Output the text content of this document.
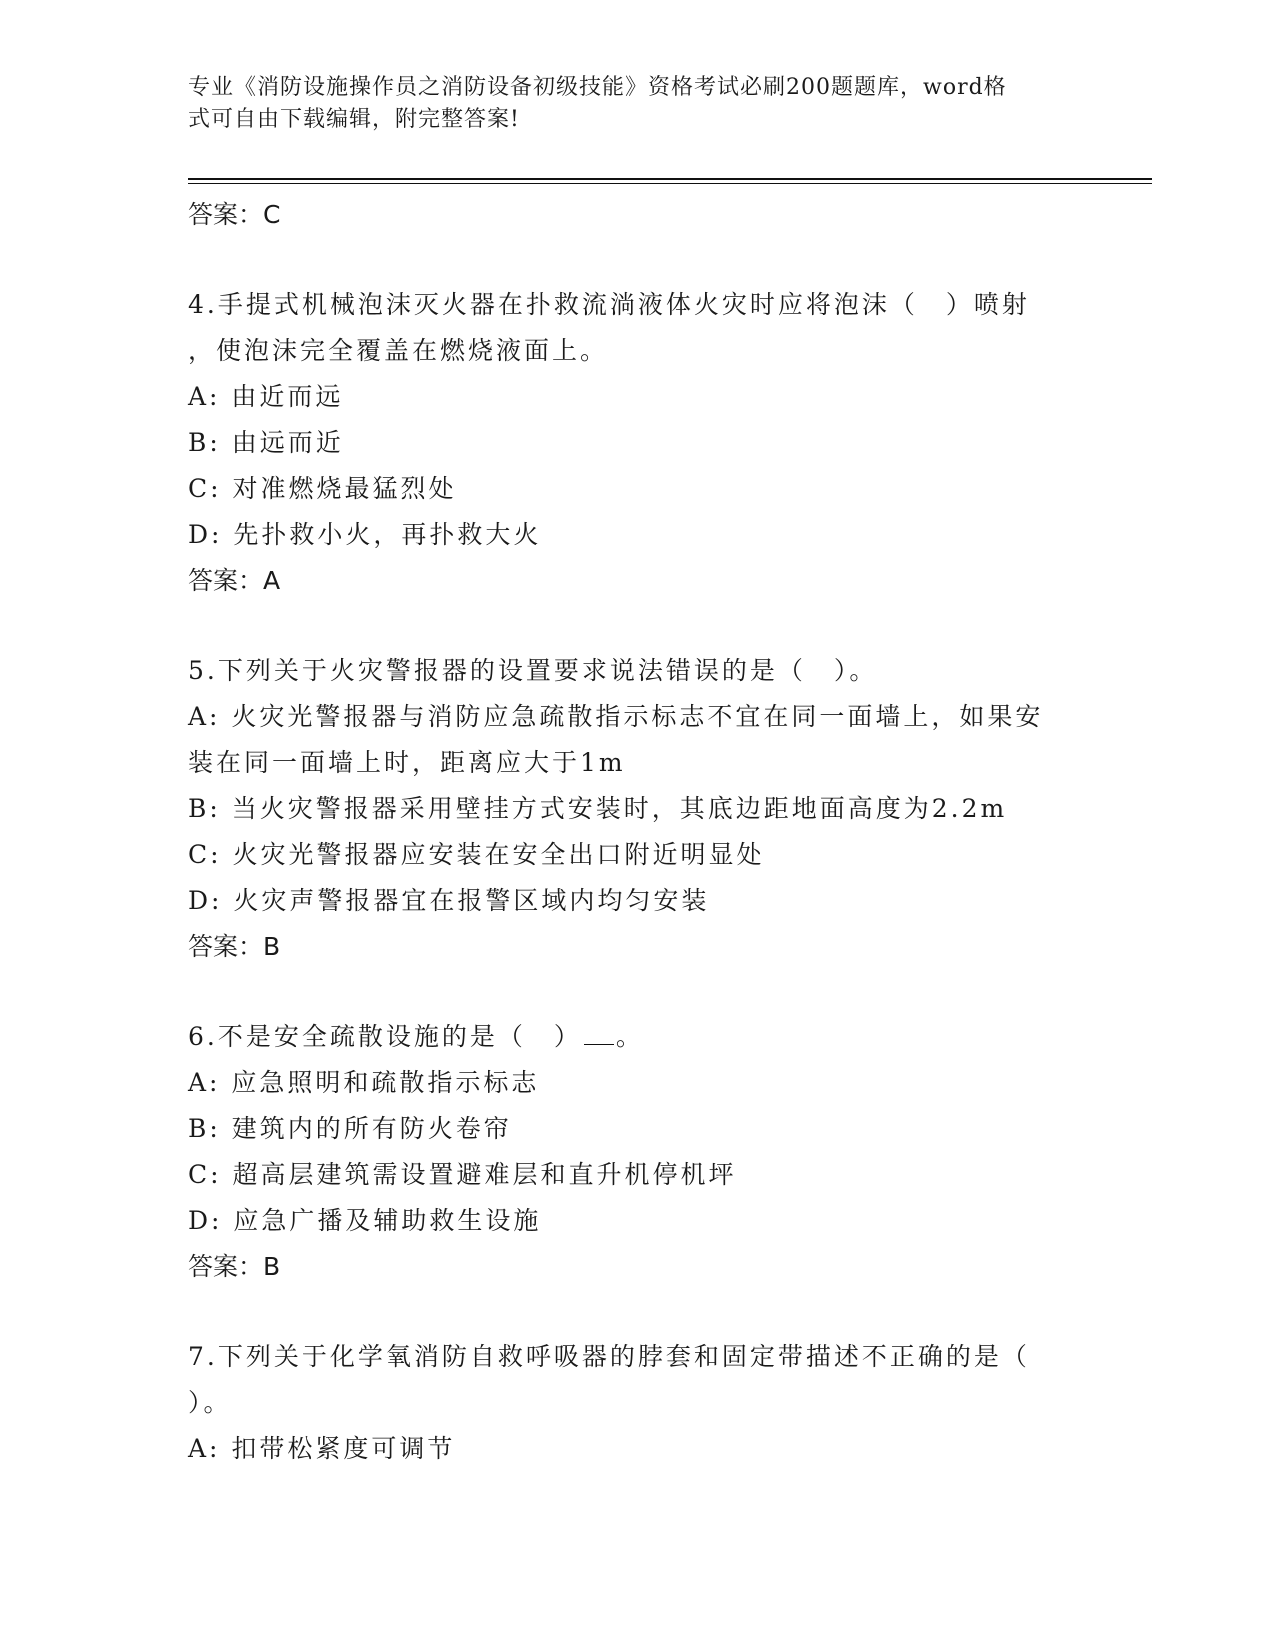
专业《消防设施操作员之消防设备初级技能》资格考试必刷200题题库，word格
式可自由下载编辑，附完整答案!

答案：C

4.手提式机械泡沫灭火器在扑救流淌液体火灾时应将泡沫（　）喷射

，使泡沫完全覆盖在燃烧液面上。

A: 由近而远

B: 由远而近

C: 对准燃烧最猛烈处

D: 先扑救小火，再扑救大火

答案：A

5.下列关于火灾警报器的设置要求说法错误的是（　）。

A: 火灾光警报器与消防应急疏散指示标志不宜在同一面墙上，如果安

装在同一面墙上时，距离应大于1m

B: 当火灾警报器采用壁挂方式安装时，其底边距地面高度为2.2m

C: 火灾光警报器应安装在安全出口附近明显处

D: 火灾声警报器宜在报警区域内均匀安装

答案：B

6.不是安全疏散设施的是（　） 。

A: 应急照明和疏散指示标志

B: 建筑内的所有防火卷帘

C: 超高层建筑需设置避难层和直升机停机坪

D: 应急广播及辅助救生设施

答案：B

7.下列关于化学氧消防自救呼吸器的脖套和固定带描述不正确的是（

）。

A: 扣带松紧度可调节
